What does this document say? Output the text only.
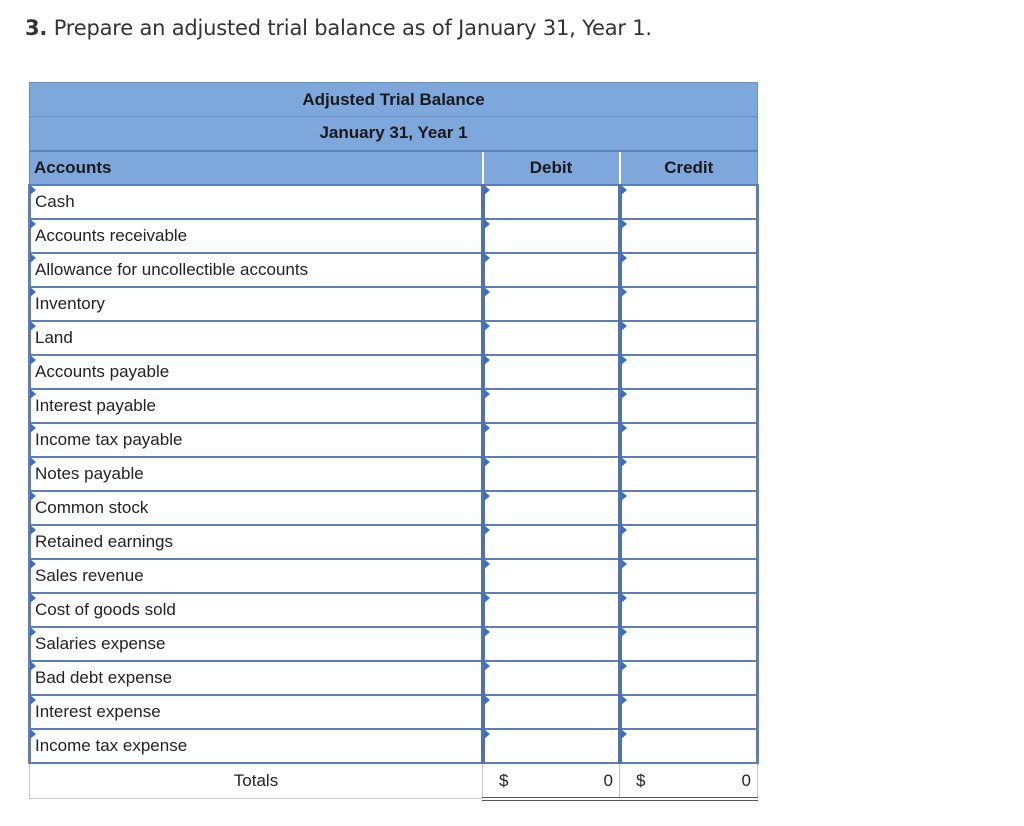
3. Prepare an adjusted trial balance as of January 31, Year 1.
Adjusted Trial Balance		
January 31, Year 1		
Accounts	Debit	Credit

Cash	

Accounts receivable	

Allowance for uncollectible accounts	

Inventory	

Land	

Accounts payable	

Interest payable	

Income tax payable	

Notes payable	

Common stock	

Retained earnings	

Sales revenue	

Cost of goods sold	

Salaries expense	

Bad debt expense	

Interest expense	

Income tax expense	

Totals	$ 0	$ 0
